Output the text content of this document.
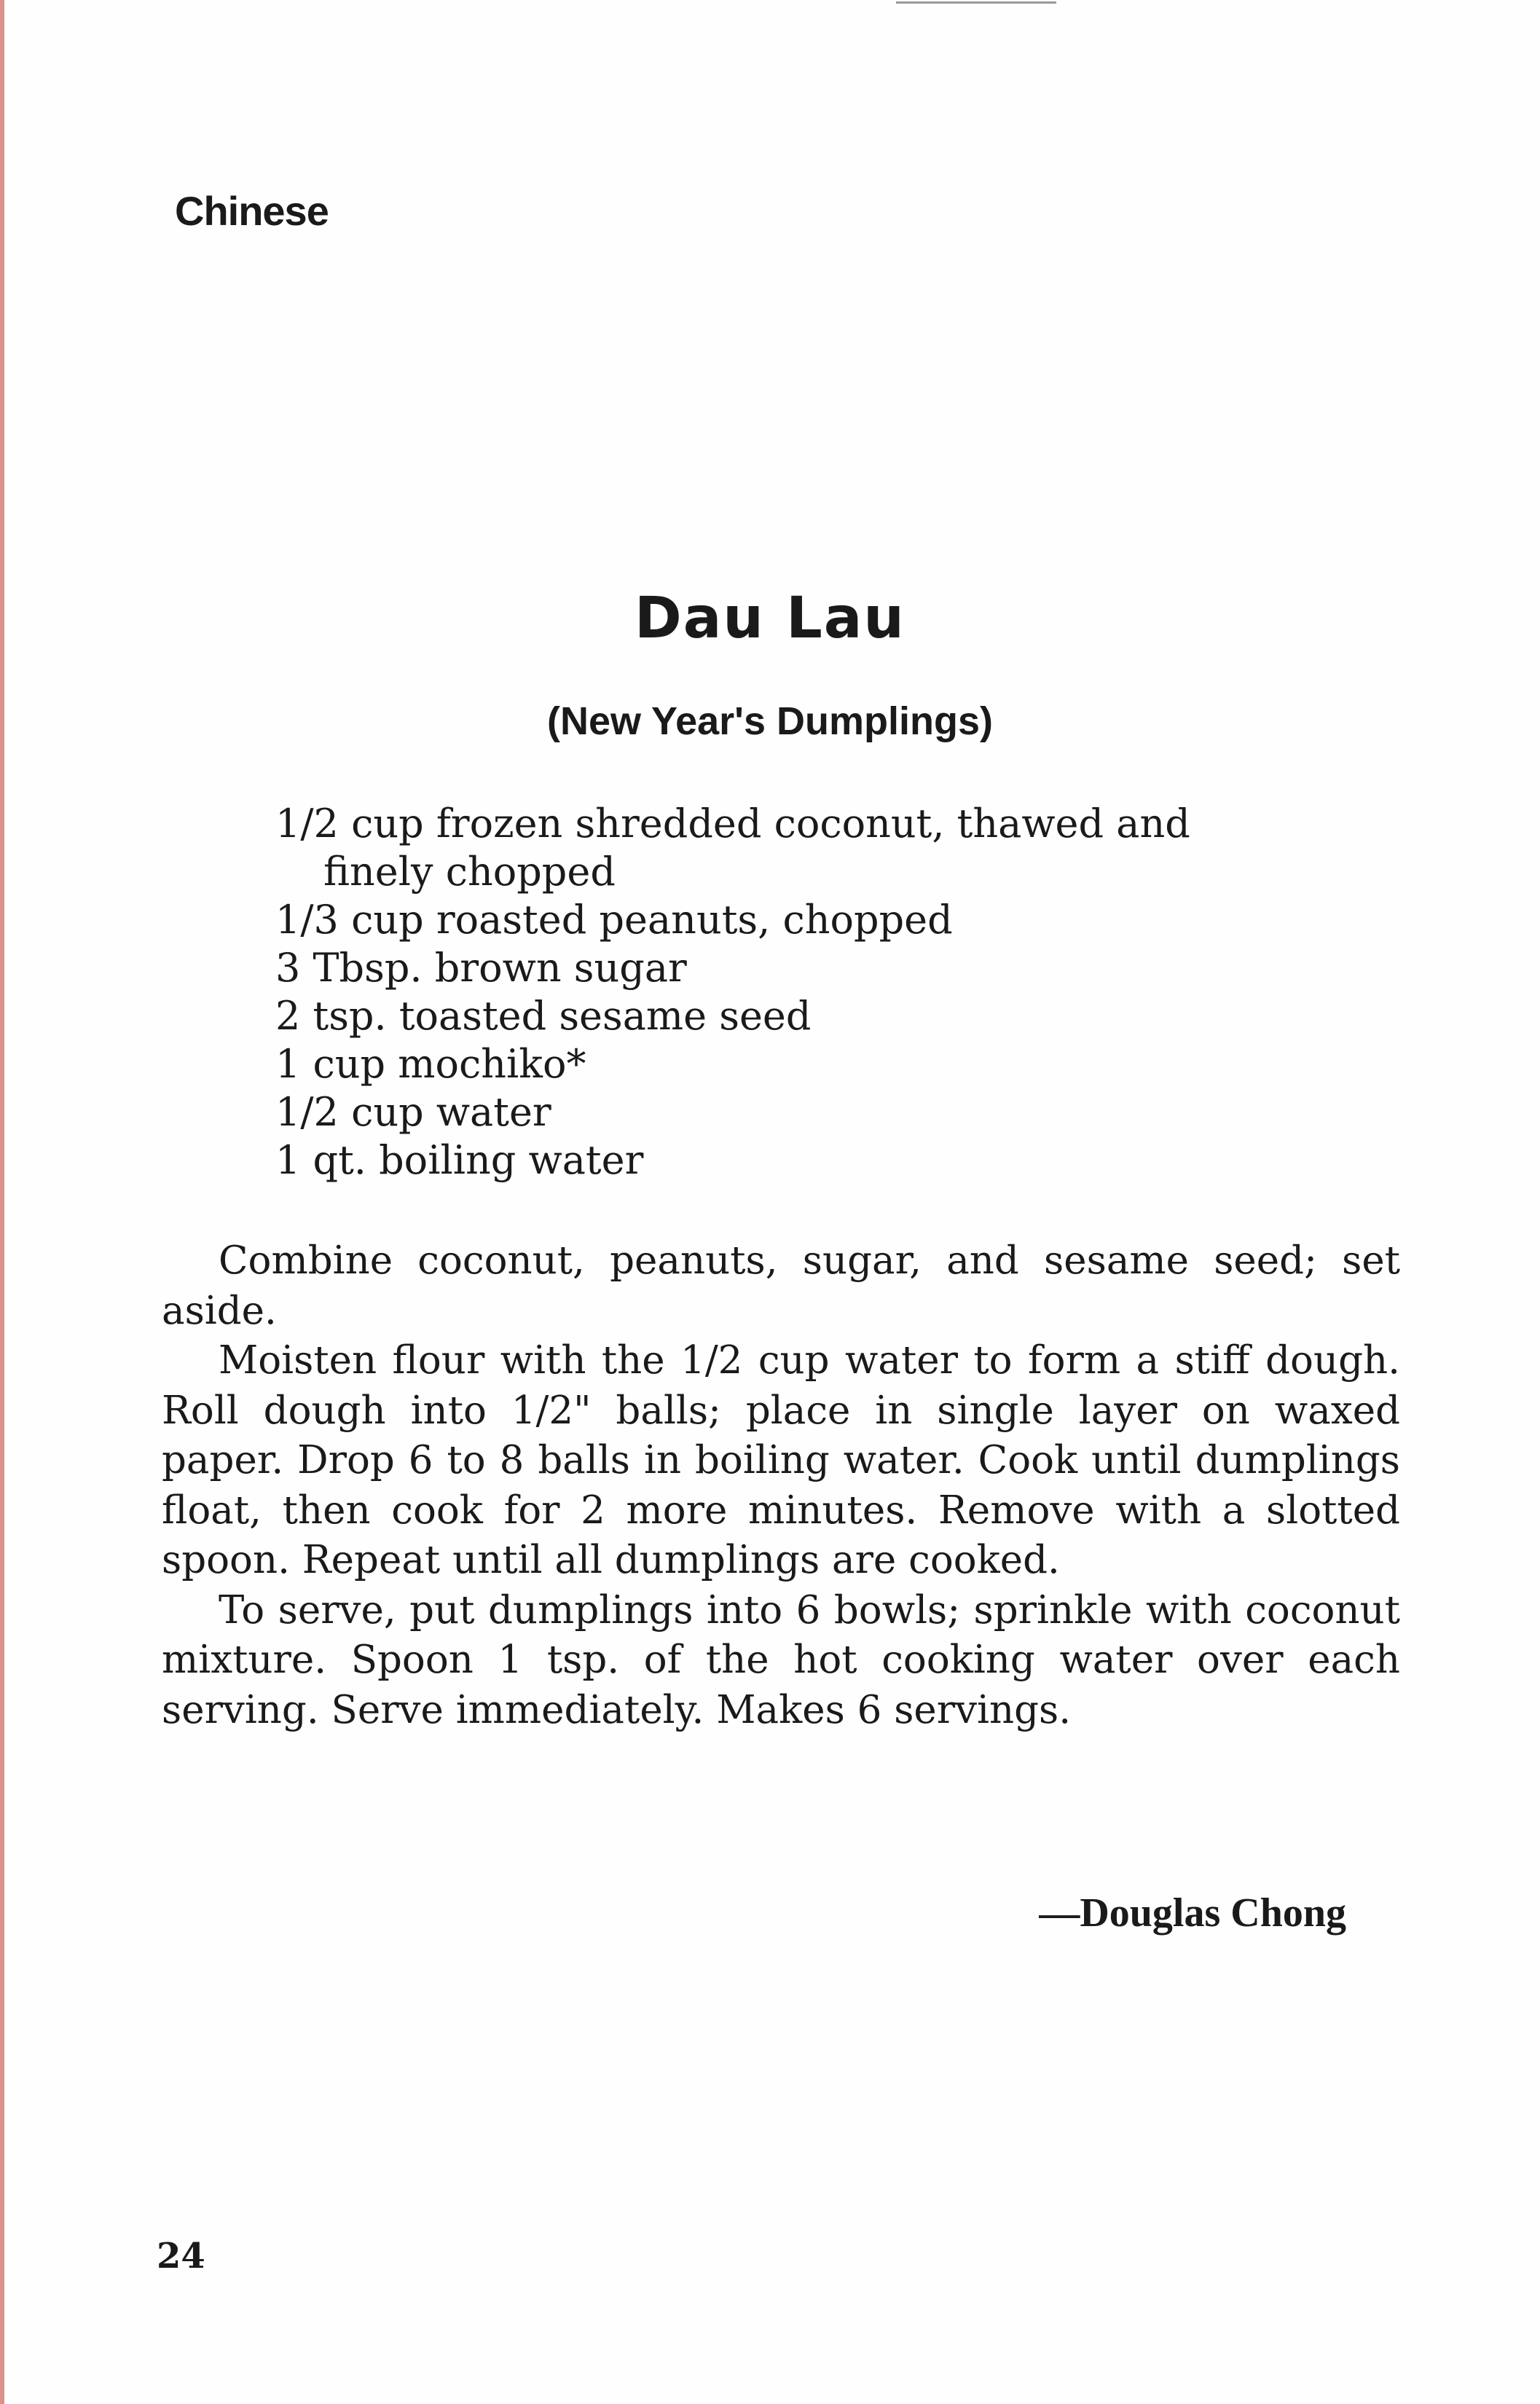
Chinese
Dau Lau
(New Year's Dumplings)
1/2 cup frozen shredded coconut, thawed and
finely chopped
1/3 cup roasted peanuts, chopped
3 Tbsp. brown sugar
2 tsp. toasted sesame seed
1 cup mochiko*
1/2 cup water
1 qt. boiling water

Combine coconut, peanuts, sugar, and sesame seed; set aside.

Moisten flour with the 1/2 cup water to form a stiff dough. Roll dough into 1/2" balls; place in single layer on waxed paper. Drop 6 to 8 balls in boiling water. Cook until dumplings float, then cook for 2 more minutes. Remove with a slotted spoon. Repeat until all dumplings are cooked.

To serve, put dumplings into 6 bowls; sprinkle with coconut mixture. Spoon 1 tsp. of the hot cooking water over each serving. Serve immediately. Makes 6 servings.

—Douglas Chong
24
